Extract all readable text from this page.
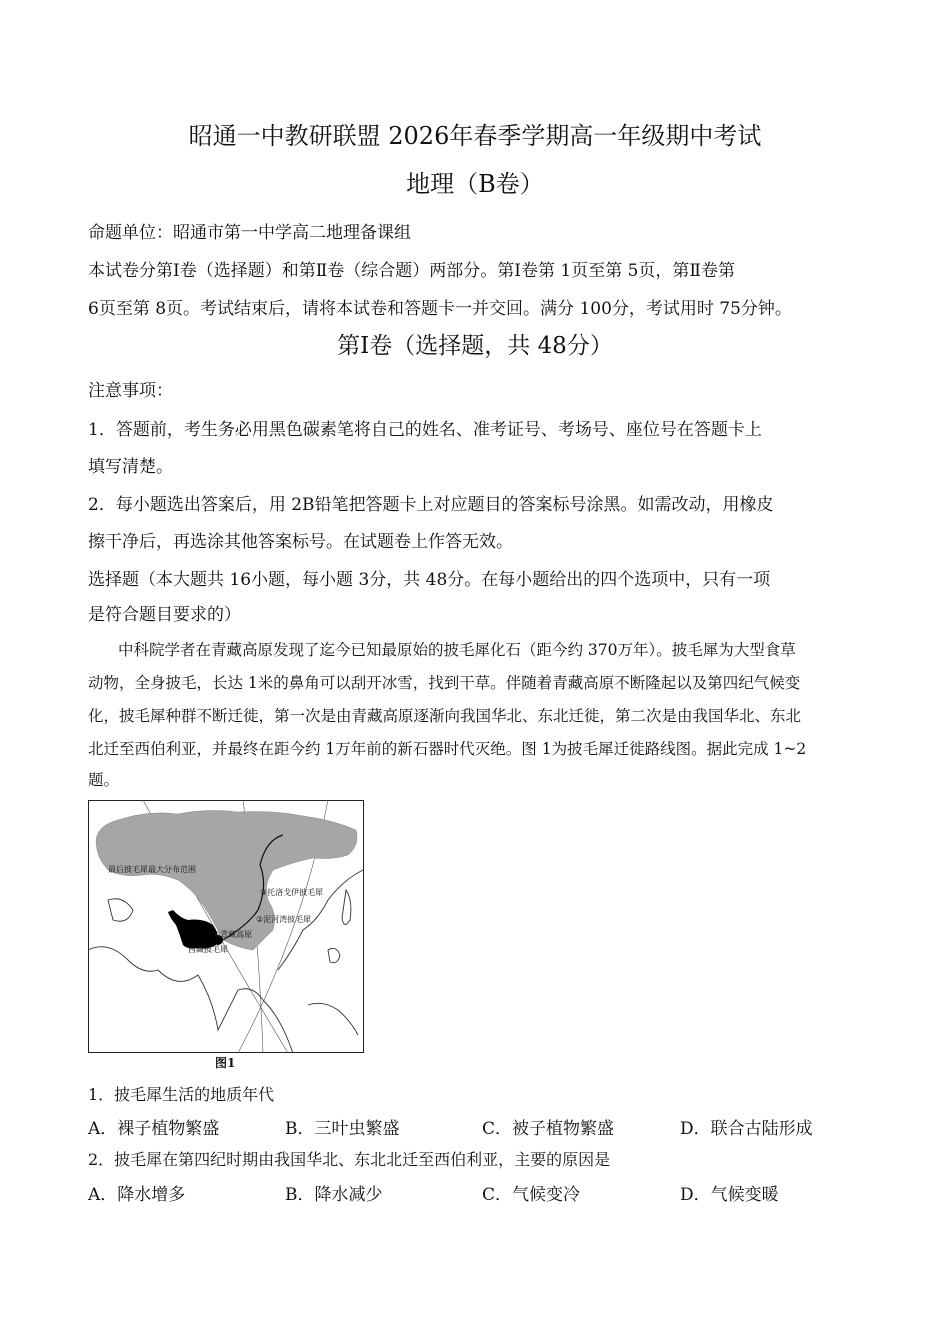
昭通一中教研联盟 2026年春季学期高一年级期中考试
地理（B卷）
命题单位：昭通市第一中学高二地理备课组
本试卷分第Ⅰ卷（选择题）和第Ⅱ卷（综合题）两部分。第Ⅰ卷第 1页至第 5页，第Ⅱ卷第
6页至第 8页。考试结束后，请将本试卷和答题卡一并交回。满分 100分，考试用时 75分钟。
第Ⅰ卷（选择题，共 48分）
注意事项：
1．答题前，考生务必用黑色碳素笔将自己的姓名、准考证号、考场号、座位号在答题卡上
填写清楚。
2．每小题选出答案后，用 2B铅笔把答题卡上对应题目的答案标号涂黑。如需改动，用橡皮
擦干净后，再选涂其他答案标号。在试题卷上作答无效。
选择题（本大题共 16小题，每小题 3分，共 48分。在每小题给出的四个选项中，只有一项
是符合题目要求的）
中科院学者在青藏高原发现了迄今已知最原始的披毛犀化石（距今约 370万年）。披毛犀为大型食草
动物，全身披毛，长达 1米的鼻角可以刮开冰雪，找到干草。伴随着青藏高原不断隆起以及第四纪气候变
化，披毛犀种群不断迁徙，第一次是由青藏高原逐渐向我国华北、东北迁徙，第二次是由我国华北、东北
北迁至西伯利亚，并最终在距今约 1万年前的新石器时代灭绝。图 1为披毛犀迁徙路线图。据此完成 1~2
题。
最后披毛犀最大分布范围
③托洛戈伊披毛犀
②泥河湾披毛犀
①青藏高原
西藏披毛犀
图1
1．披毛犀生活的地质年代
A．裸子植物繁盛	B．三叶虫繁盛	C．被子植物繁盛	D．联合古陆形成
2．披毛犀在第四纪时期由我国华北、东北北迁至西伯利亚，主要的原因是
A．降水增多	B．降水减少	C．气候变冷	D．气候变暖
